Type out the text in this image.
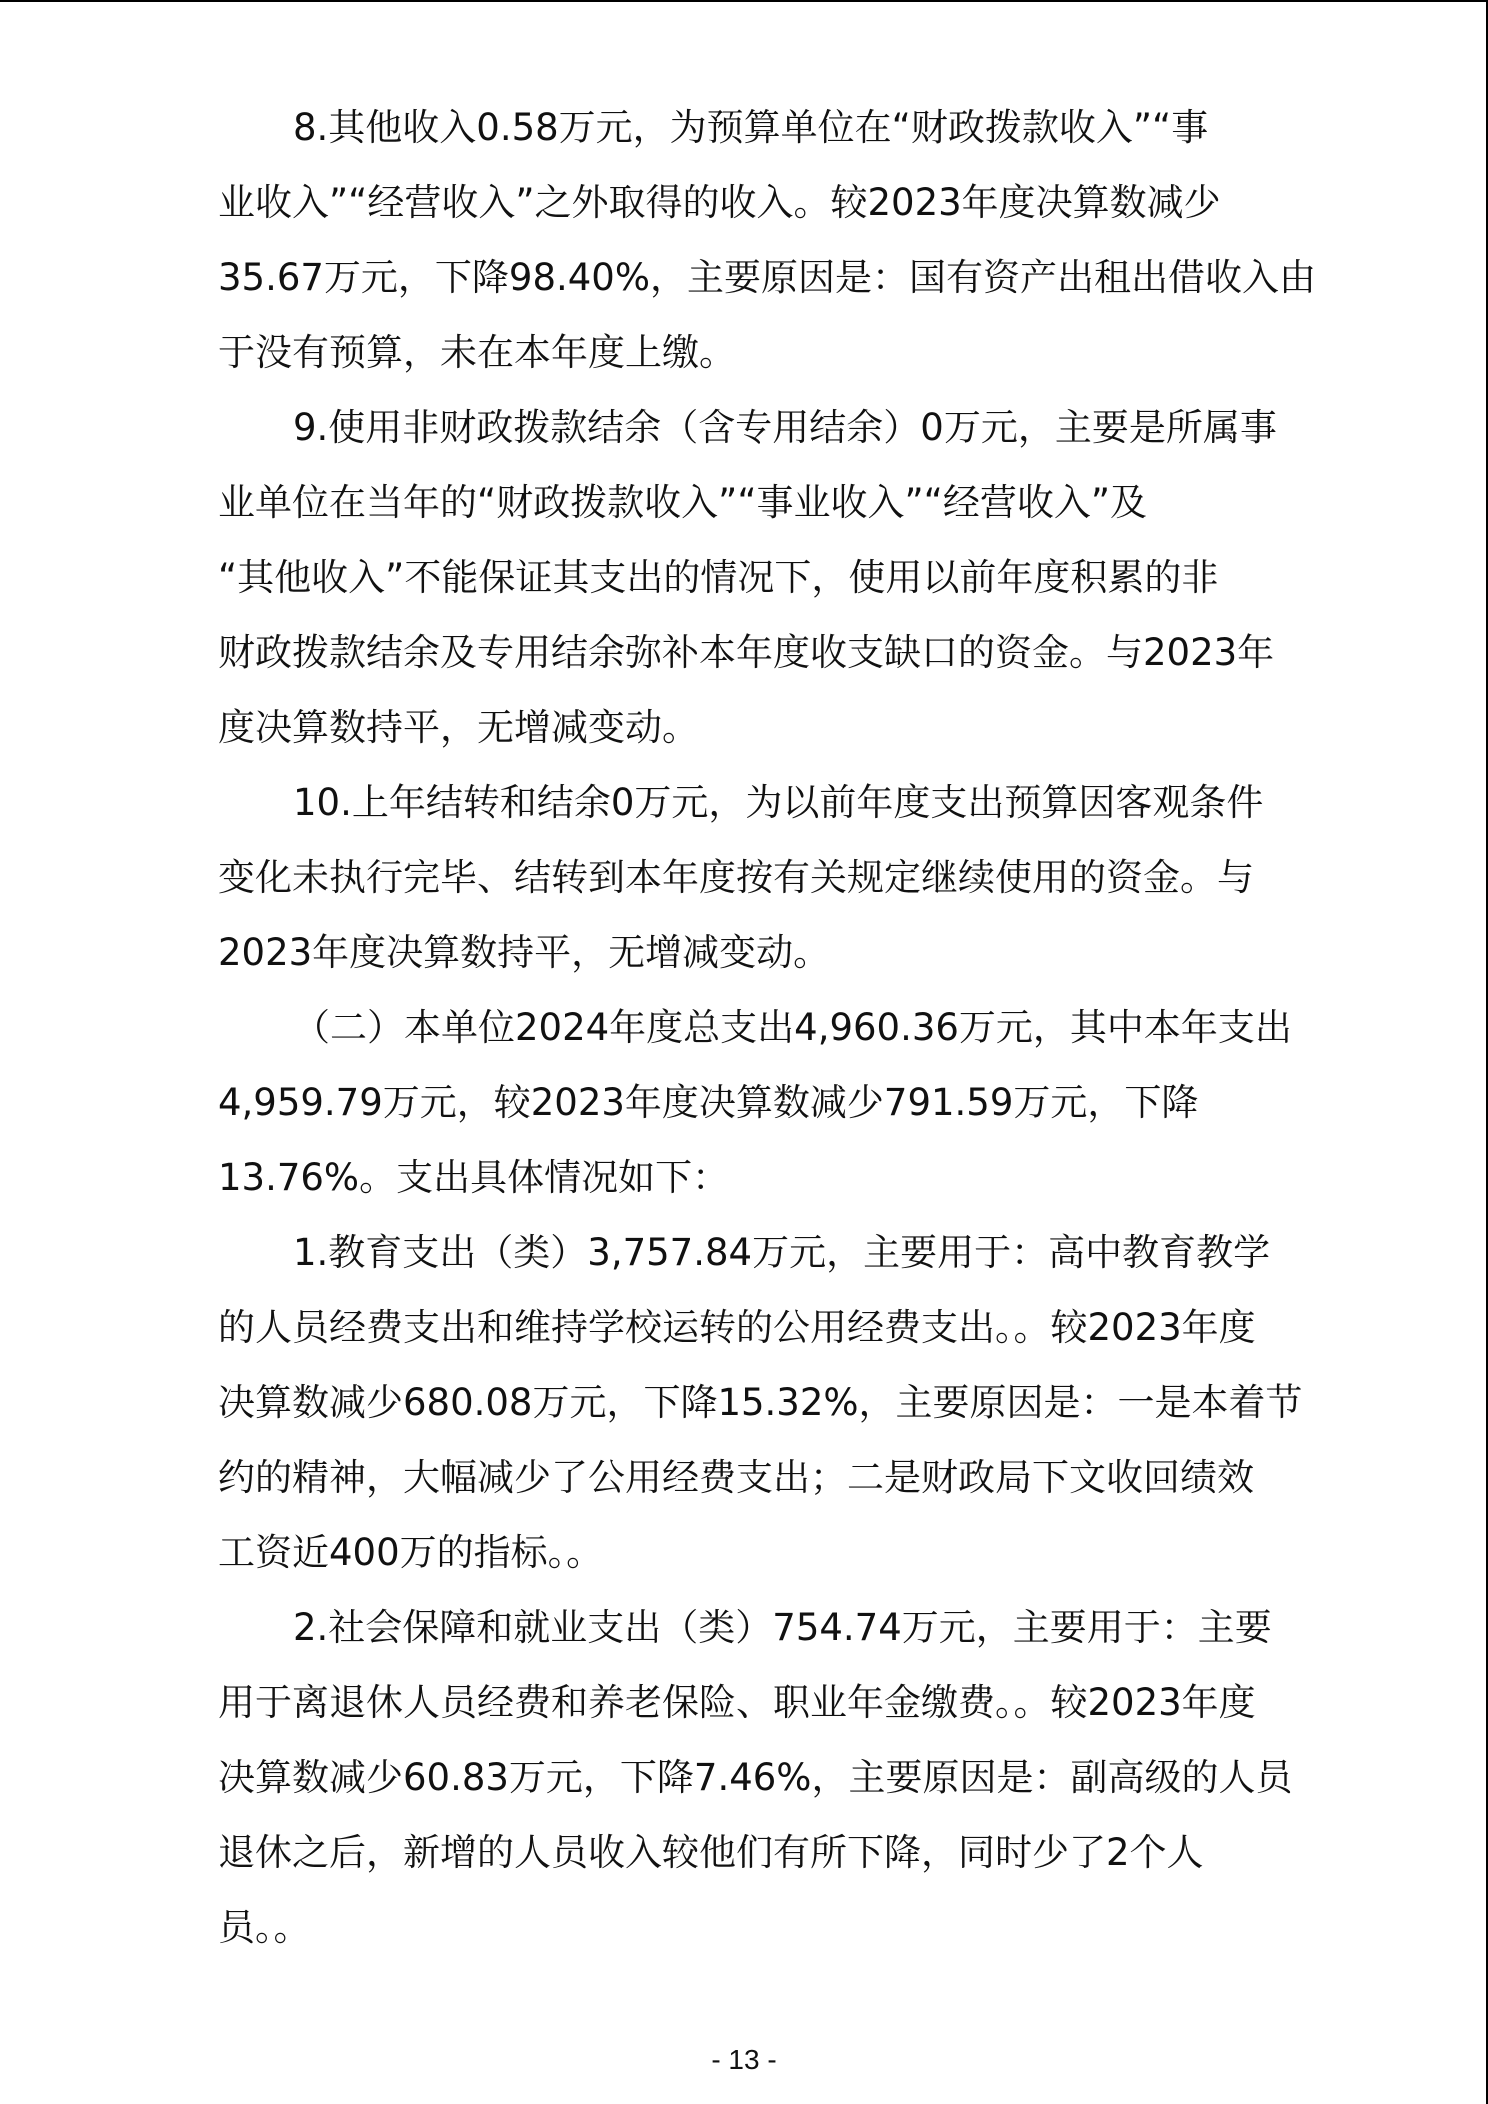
8.其他收入0.58万元，为预算单位在“财政拨款收入”“事
业收入”“经营收入”之外取得的收入。较2023年度决算数减少
35.67万元，下降98.40%，主要原因是：国有资产出租出借收入由
于没有预算，未在本年度上缴。
9.使用非财政拨款结余（含专用结余）0万元，主要是所属事
业单位在当年的“财政拨款收入”“事业收入”“经营收入”及
“其他收入”不能保证其支出的情况下，使用以前年度积累的非
财政拨款结余及专用结余弥补本年度收支缺口的资金。与2023年
度决算数持平，无增减变动。
10.上年结转和结余0万元，为以前年度支出预算因客观条件
变化未执行完毕、结转到本年度按有关规定继续使用的资金。与
2023年度决算数持平，无增减变动。
（二）本单位2024年度总支出4,960.36万元，其中本年支出
4,959.79万元，较2023年度决算数减少791.59万元，下降
13.76%。支出具体情况如下：
1.教育支出（类）3,757.84万元，主要用于：高中教育教学
的人员经费支出和维持学校运转的公用经费支出。。较2023年度
决算数减少680.08万元，下降15.32%，主要原因是：一是本着节
约的精神，大幅减少了公用经费支出；二是财政局下文收回绩效
工资近400万的指标。。
2.社会保障和就业支出（类）754.74万元，主要用于：主要
用于离退休人员经费和养老保险、职业年金缴费。。较2023年度
决算数减少60.83万元，下降7.46%，主要原因是：副高级的人员
退休之后，新增的人员收入较他们有所下降，同时少了2个人
员。。
- 13 -
